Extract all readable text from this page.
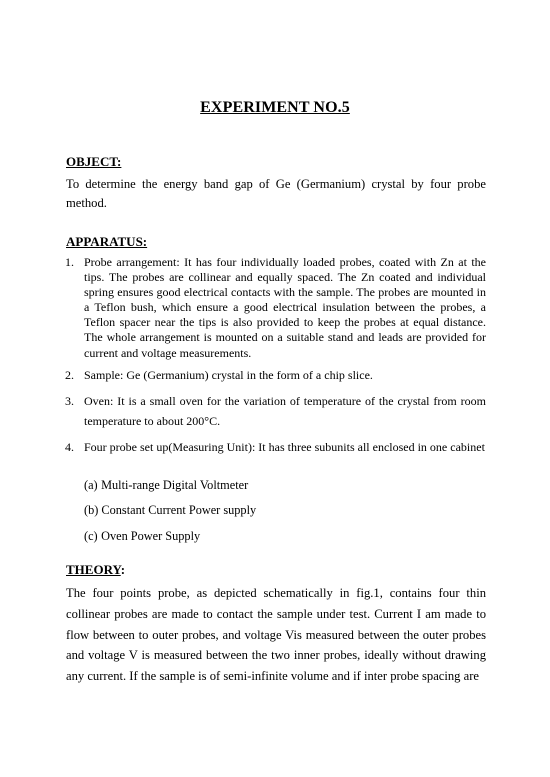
EXPERIMENT NO.5
OBJECT:
To determine the energy band gap of Ge (Germanium) crystal by four probe method.
APPARATUS:
1. Probe arrangement: It has four individually loaded probes, coated with Zn at the tips. The probes are collinear and equally spaced. The Zn coated and individual spring ensures good electrical contacts with the sample. The probes are mounted in a Teflon bush, which ensure a good electrical insulation between the probes, a Teflon spacer near the tips is also provided to keep the probes at equal distance. The whole arrangement is mounted on a suitable stand and leads are provided for current and voltage measurements.
2. Sample: Ge (Germanium) crystal in the form of a chip slice.
3. Oven: It is a small oven for the variation of temperature of the crystal from room temperature to about 200°C.
4. Four probe set up(Measuring Unit): It has three subunits all enclosed in one cabinet
(a) Multi-range Digital Voltmeter
(b) Constant Current Power supply
(c) Oven Power Supply
THEORY:
The four points probe, as depicted schematically in fig.1, contains four thin collinear probes are made to contact the sample under test. Current I am made to flow between to outer probes, and voltage Vis measured between the outer probes and voltage V is measured between the two inner probes, ideally without drawing any current. If the sample is of semi-infinite volume and if inter probe spacing are
